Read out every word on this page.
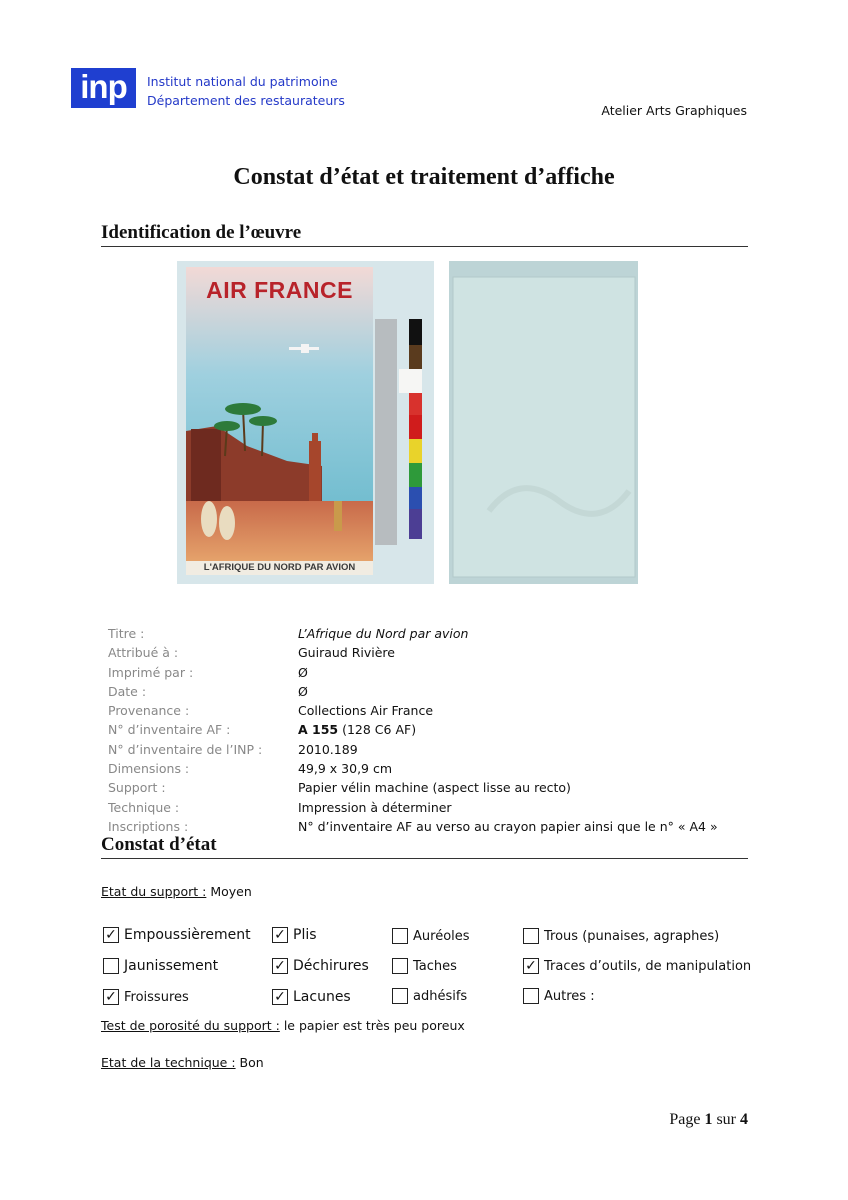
inp	Institut national du patrimoine
Département des restaurateurs
Atelier Arts Graphiques
Constat d’état et traitement d’affiche
Identification de l’œuvre
AIR FRANCE
L'AFRIQUE DU NORD PAR AVION
Titre :	L’Afrique du Nord par avion
Attribué à :	Guiraud Rivière
Imprimé par :	Ø
Date :	Ø
Provenance :	Collections Air France
N° d’inventaire AF :	A 155 (128 C6 AF)
N° d’inventaire de l’INP :	2010.189
Dimensions :	49,9 x 30,9 cm
Support :	Papier vélin machine (aspect lisse au recto)
Technique :	Impression à déterminer
Inscriptions :	N° d’inventaire AF au verso au crayon papier ainsi que le n° « A4 »
Constat d’état
Etat du support : Moyen
✓ Empoussièrement ✓ Plis	Auréoles	Trous (punaises, agraphes)
Jaunissement	✓ Déchirures	Taches	✓ Traces d’outils, de manipulation
✓ Froissures	✓ Lacunes	adhésifs	Autres :
Test de porosité du support : le papier est très peu poreux
Etat de la technique : Bon
Page 1 sur 4
